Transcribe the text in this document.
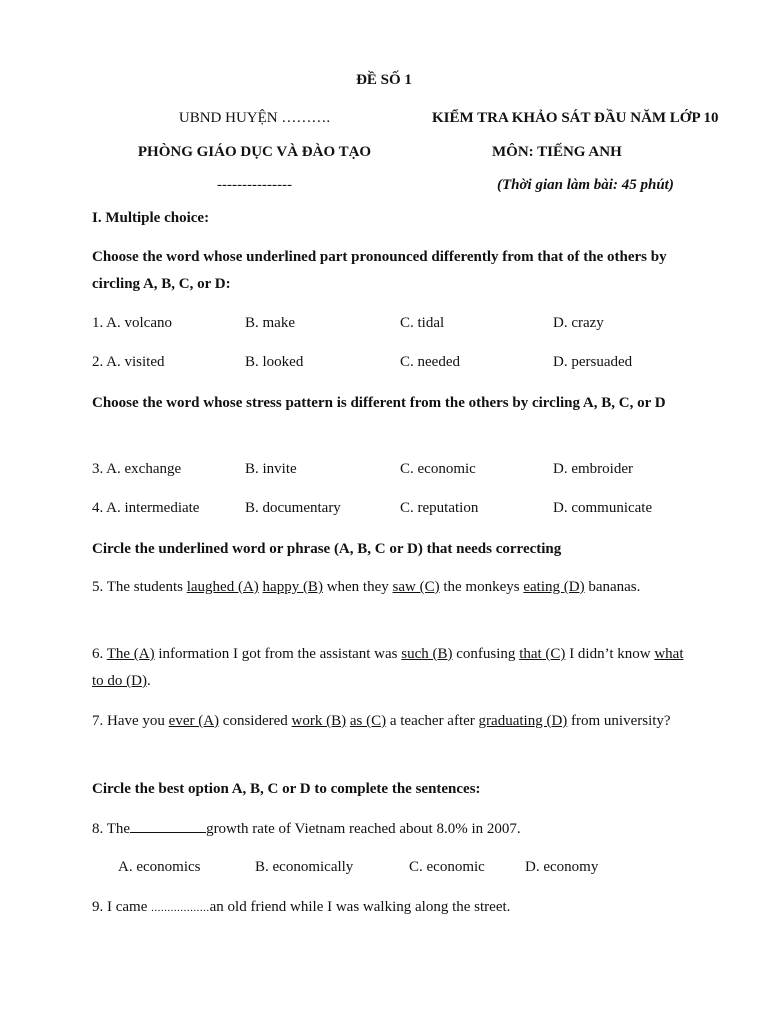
ĐỀ SỐ 1
UBND HUYỆN ……….	KIỂM TRA KHẢO SÁT ĐẦU NĂM LỚP 10
PHÒNG GIÁO DỤC VÀ ĐÀO TẠO	MÔN: TIẾNG ANH
---------------	(Thời gian làm bài: 45 phút)
I. Multiple choice:
Choose the word whose underlined part pronounced differently from that of the others by circling A, B, C, or D:
1. A. volcano	B. make	C. tidal	D. crazy
2. A. visited	B. looked	C. needed	D. persuaded
Choose the word whose stress pattern is different from the others by circling A, B, C, or D
3. A. exchange	B. invite	C. economic	D. embroider
4. A. intermediate	B. documentary	C. reputation	D. communicate
Circle the underlined word or phrase (A, B, C or D) that needs correcting
5. The students laughed (A) happy (B) when they saw (C) the monkeys eating (D) bananas.
6. The (A) information I got from the assistant was such (B) confusing that (C) I didn’t know what to do (D).
7. Have you ever (A) considered work (B) as (C) a teacher after graduating (D) from university?
Circle the best option A, B, C or D to complete the sentences:
8. The	growth rate of Vietnam reached about 8.0% in 2007.
A. economics	B. economically	C. economic	D. economy
9. I came ..................an old friend while I was walking along the street.
